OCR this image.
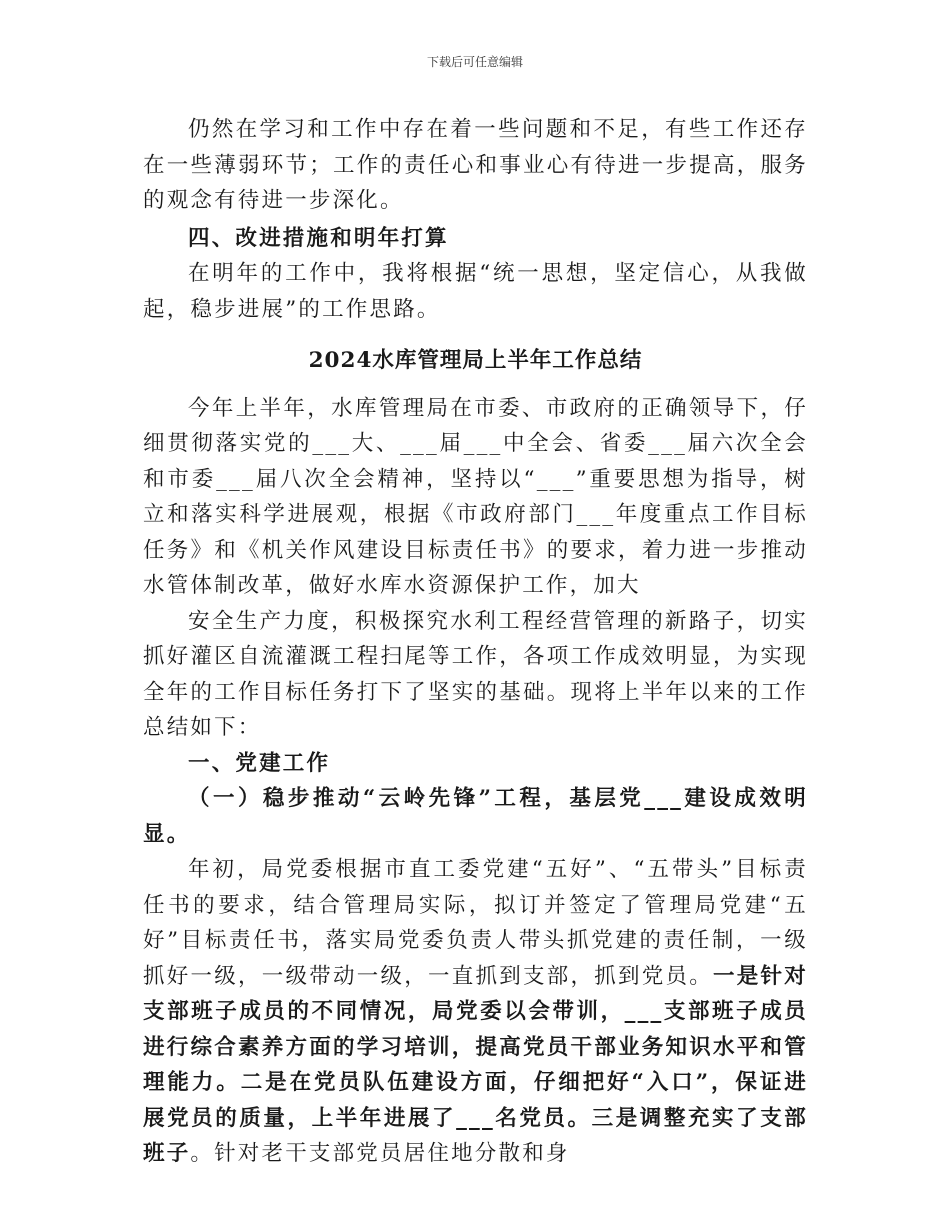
下载后可任意编辑

仍然在学习和工作中存在着一些问题和不足，有些工作还存在一些薄弱环节；工作的责任心和事业心有待进一步提高，服务的观念有待进一步深化。

四、改进措施和明年打算

在明年的工作中，我将根据“统一思想，坚定信心，从我做起，稳步进展”的工作思路。

2024水库管理局上半年工作总结

今年上半年，水库管理局在市委、市政府的正确领导下，仔细贯彻落实党的___大、___届___中全会、省委___届六次全会和市委___届八次全会精神，坚持以“___”重要思想为指导，树立和落实科学进展观，根据《市政府部门___年度重点工作目标任务》和《机关作风建设目标责任书》的要求，着力进一步推动水管体制改革，做好水库水资源保护工作，加大

安全生产力度，积极探究水利工程经营管理的新路子，切实抓好灌区自流灌溉工程扫尾等工作，各项工作成效明显，为实现全年的工作目标任务打下了坚实的基础。现将上半年以来的工作总结如下：

一、党建工作

（一）稳步推动“云岭先锋”工程，基层党___建设成效明显。

年初，局党委根据市直工委党建“五好”、“五带头”目标责任书的要求，结合管理局实际，拟订并签定了管理局党建“五好”目标责任书，落实局党委负责人带头抓党建的责任制，一级抓好一级，一级带动一级，一直抓到支部，抓到党员。一是针对支部班子成员的不同情况，局党委以会带训，___支部班子成员进行综合素养方面的学习培训，提高党员干部业务知识水平和管理能力。二是在党员队伍建设方面，仔细把好“入口”，保证进展党员的质量，上半年进展了___名党员。三是调整充实了支部班子。针对老干支部党员居住地分散和身
